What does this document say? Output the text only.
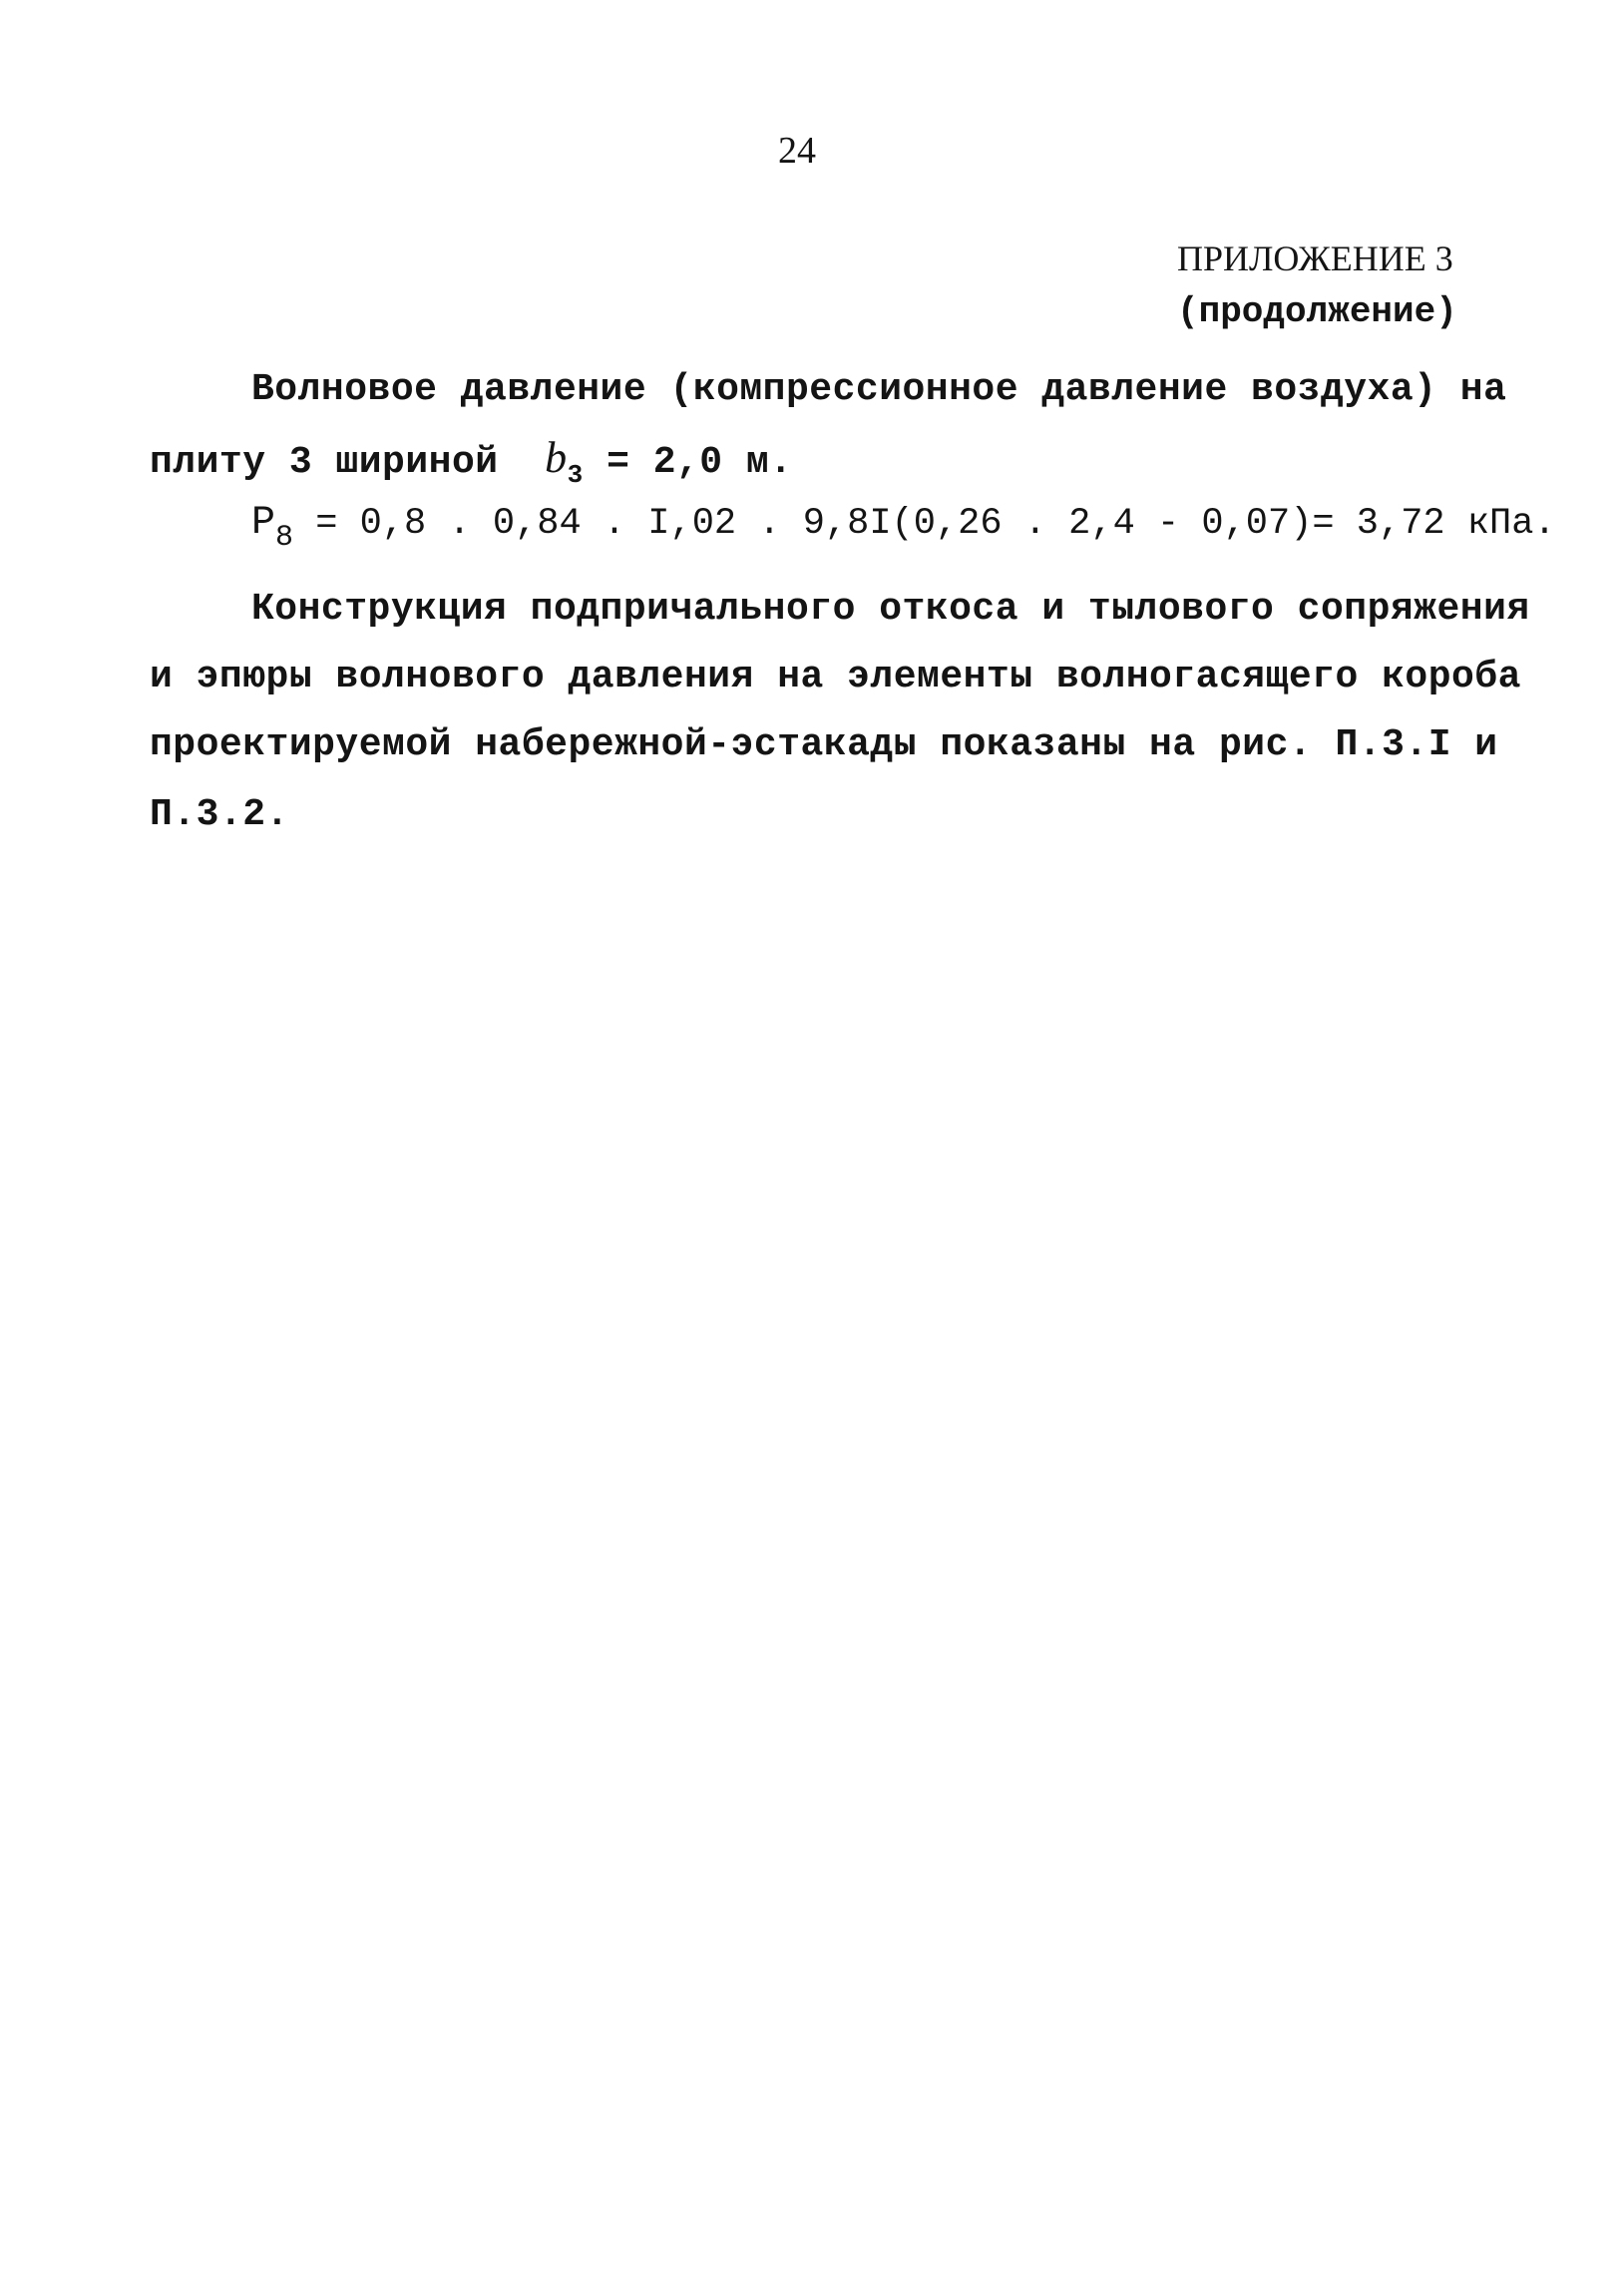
24
ПРИЛОЖЕНИЕ 3
(продолжение)
Волновое давление (компрессионное давление воздуха) на
плиту 3 шириной  $b_3 = 2,0$ м.
$P_8 = 0,8$ . 0,84 . I,02 . 9,8I(0,26 . 2,4 - 0,07)= 3,72 кПа.
Конструкция подпричального откоса и тылового сопряжения
и эпюры волнового давления на элементы волногасящего короба
проектируемой набережной-эстакады показаны на рис. П.3.I и
П.3.2.
